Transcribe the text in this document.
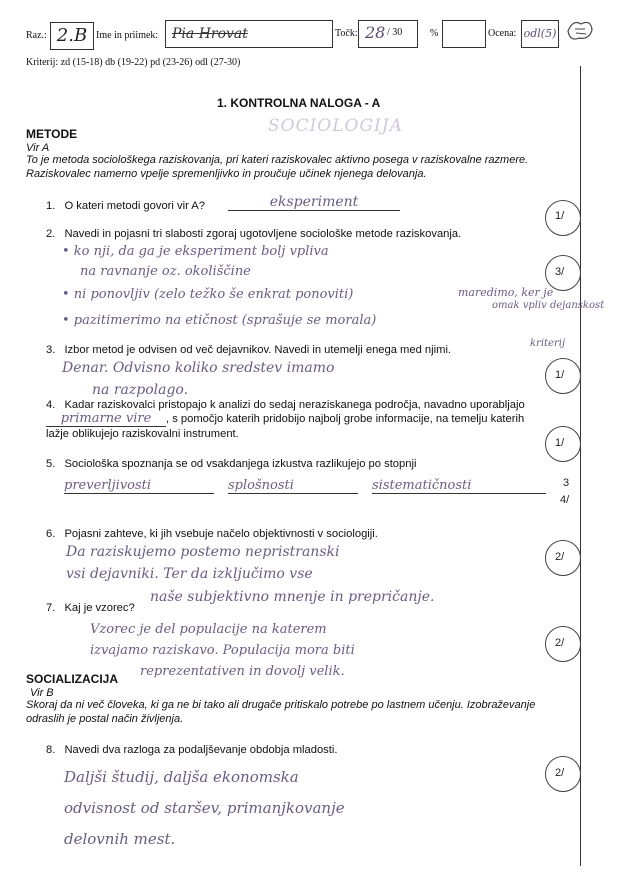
Raz.: 2.B Ime in priimek: Pia Hrovat	Točk: 28 / 30	%	Ocena: odl(5)
Kriterij: zd (15-18) db (19-22) pd (23-26) odl (27-30)
1. KONTROLNA NALOGA - A
SOCIOLOGIJA
METODE
Vir A
To je metoda sociološkega raziskovanja, pri kateri raziskovalec aktivno posega v raziskovalne razmere. Raziskovalec namerno vpelje spremenljivko in proučuje učinek njenega delovanja.
1. O kateri metodi govori vir A?	eksperiment
1/
2. Navedi in pojasni tri slabosti zgoraj ugotovljene sociološke metode raziskovanja.
• ko nji, da ga je eksperiment bolj vpliva
na ravnanje oz. okoliščine
• ni ponovljiv (zelo težko še enkrat ponoviti)
• pazitimerimo na etičnost (sprašuje se morala)
maredimo, ker je
omak vpliv dejanskost
kriterij
3/
3. Izbor metod je odvisen od več dejavnikov. Navedi in utemelji enega med njimi.
Denar. Odvisno koliko sredstev imamo
na razpolago.
1/
4. Kadar raziskovalci pristopajo k analizi do sedaj neraziskanega področja, navadno uporabljajo primarne vire , s pomočjo katerih pridobijo najbolj grobe informacije, na temelju katerih lažje oblikujejo raziskovalni instrument.
1/
5. Sociološka spoznanja se od vsakdanjega izkustva razlikujejo po stopnji
preverljivosti	splošnosti	sistematičnosti	3
4/
6. Pojasni zahteve, ki jih vsebuje načelo objektivnosti v sociologiji.
Da raziskujemo postemo nepristranski
vsi dejavniki. Ter da izključimo vse
naše subjektivno mnenje in prepričanje.
2/
7. Kaj je vzorec?
Vzorec je del populacije na katerem
izvajamo raziskavo. Populacija mora biti
reprezentativen in dovolj velik.
2/
SOCIALIZACIJA
Vir B
Skoraj da ni več človeka, ki ga ne bi tako ali drugače pritiskalo potrebe po lastnem učenju. Izobraževanje odraslih je postal način življenja.
8. Navedi dva razloga za podaljševanje obdobja mladosti.
Daljši študij, daljša ekonomska
odvisnost od staršev, primanjkovanje
delovnih mest.
2/
